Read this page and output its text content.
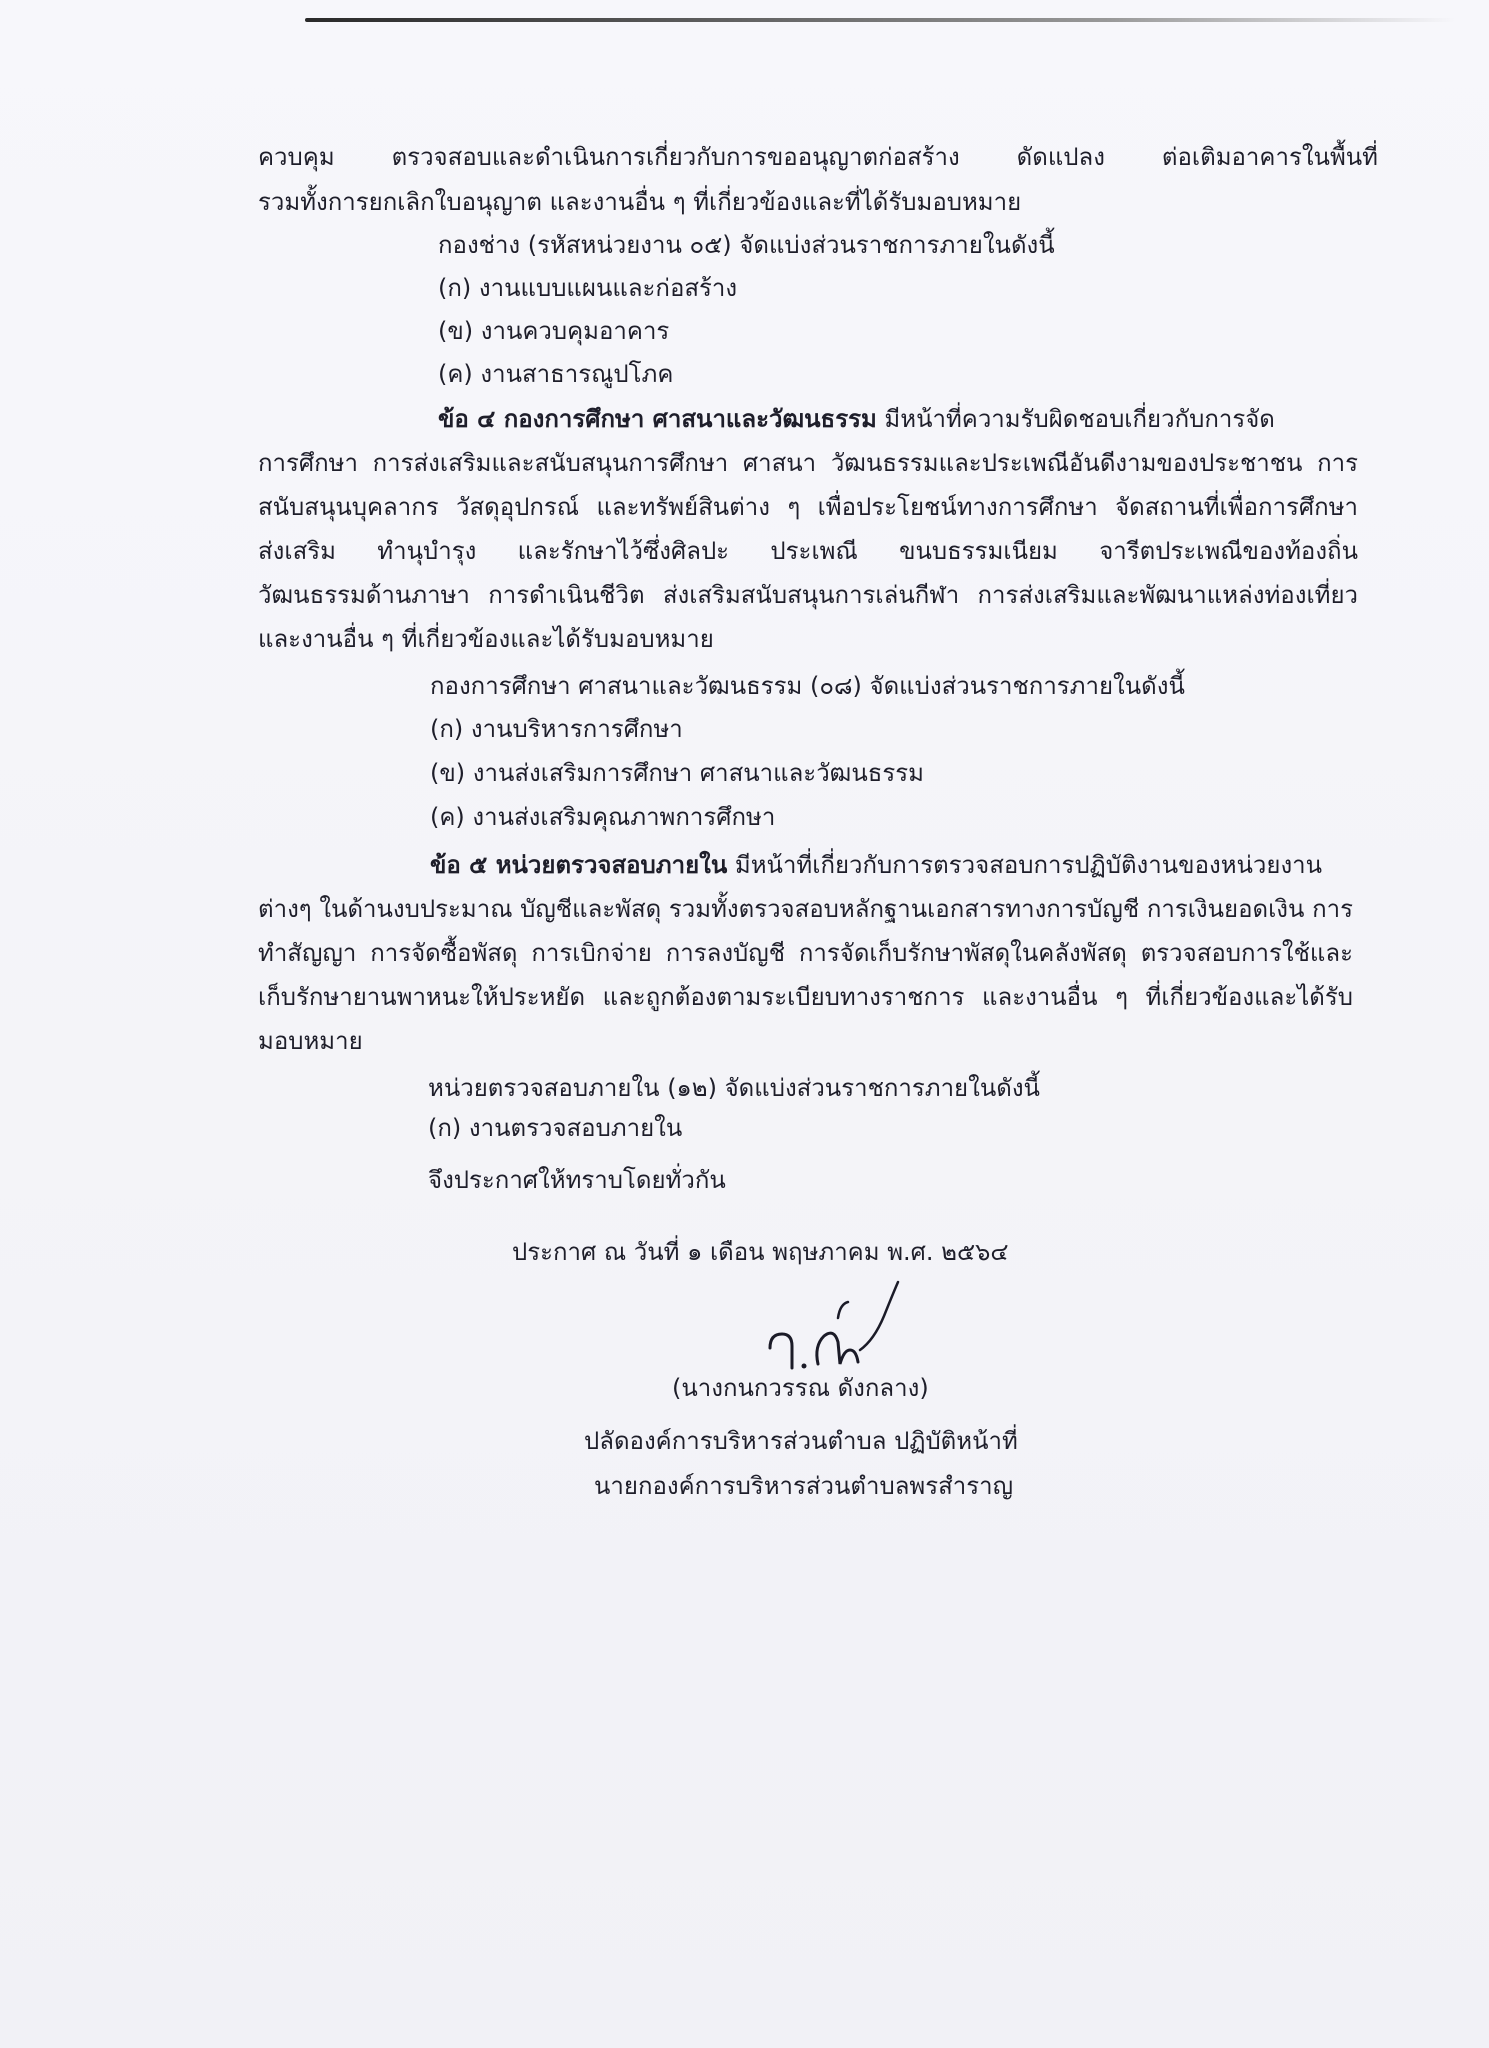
ควบคุม ตรวจสอบและดำเนินการเกี่ยวกับการขออนุญาตก่อสร้าง ดัดแปลง ต่อเติมอาคารในพื้นที่
รวมทั้งการยกเลิกใบอนุญาต และงานอื่น ๆ ที่เกี่ยวข้องและที่ได้รับมอบหมาย
กองช่าง (รหัสหน่วยงาน ๐๕) จัดแบ่งส่วนราชการภายในดังนี้
(ก) งานแบบแผนและก่อสร้าง
(ข) งานควบคุมอาคาร
(ค) งานสาธารณูปโภค
ข้อ ๔ กองการศึกษา ศาสนาและวัฒนธรรม มีหน้าที่ความรับผิดชอบเกี่ยวกับการจัด
การศึกษา การส่งเสริมและสนับสนุนการศึกษา ศาสนา วัฒนธรรมและประเพณีอันดีงามของประชาชน การ
สนับสนุนบุคลากร วัสดุอุปกรณ์ และทรัพย์สินต่าง ๆ เพื่อประโยชน์ทางการศึกษา จัดสถานที่เพื่อการศึกษา
ส่งเสริม ทำนุบำรุง และรักษาไว้ซึ่งศิลปะ ประเพณี ขนบธรรมเนียม จารีตประเพณีของท้องถิ่น
วัฒนธรรมด้านภาษา การดำเนินชีวิต ส่งเสริมสนับสนุนการเล่นกีฬา การส่งเสริมและพัฒนาแหล่งท่องเที่ยว
และงานอื่น ๆ ที่เกี่ยวข้องและได้รับมอบหมาย
กองการศึกษา ศาสนาและวัฒนธรรม (๐๘) จัดแบ่งส่วนราชการภายในดังนี้
(ก) งานบริหารการศึกษา
(ข) งานส่งเสริมการศึกษา ศาสนาและวัฒนธรรม
(ค) งานส่งเสริมคุณภาพการศึกษา
ข้อ ๕ หน่วยตรวจสอบภายใน มีหน้าที่เกี่ยวกับการตรวจสอบการปฏิบัติงานของหน่วยงาน
ต่างๆ ในด้านงบประมาณ บัญชีและพัสดุ รวมทั้งตรวจสอบหลักฐานเอกสารทางการบัญชี การเงินยอดเงิน การ
ทำสัญญา การจัดซื้อพัสดุ การเบิกจ่าย การลงบัญชี การจัดเก็บรักษาพัสดุในคลังพัสดุ ตรวจสอบการใช้และ
เก็บรักษายานพาหนะให้ประหยัด และถูกต้องตามระเบียบทางราชการ และงานอื่น ๆ ที่เกี่ยวข้องและได้รับ
มอบหมาย
หน่วยตรวจสอบภายใน (๑๒) จัดแบ่งส่วนราชการภายในดังนี้
(ก) งานตรวจสอบภายใน
จึงประกาศให้ทราบโดยทั่วกัน
ประกาศ ณ วันที่ ๑ เดือน พฤษภาคม พ.ศ. ๒๕๖๔
(นางกนกวรรณ ดังกลาง)
ปลัดองค์การบริหารส่วนตำบล ปฏิบัติหน้าที่
นายกองค์การบริหารส่วนตำบลพรสำราญ
